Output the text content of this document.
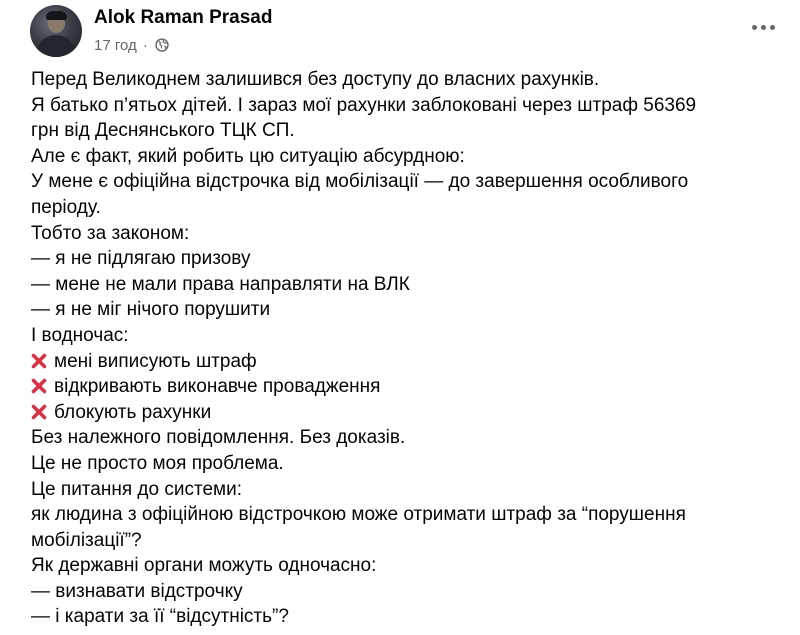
Alok Raman Prasad
17 год ·
Перед Великоднем залишився без доступу до власних рахунків.
Я батько п’ятьох дітей. І зараз мої рахунки заблоковані через штраф 56369
грн від Деснянського ТЦК СП.
Але є факт, який робить цю ситуацію абсурдною:
У мене є офіційна відстрочка від мобілізації — до завершення особливого
періоду.
Тобто за законом:
— я не підлягаю призову
— мене не мали права направляти на ВЛК
— я не міг нічого порушити
І водночас:
мені виписують штраф
відкривають виконавче провадження
блокують рахунки
Без належного повідомлення. Без доказів.
Це не просто моя проблема.
Це питання до системи:
як людина з офіційною відстрочкою може отримати штраф за “порушення
мобілізації”?
Як державні органи можуть одночасно:
— визнавати відстрочку
— і карати за її “відсутність”?
